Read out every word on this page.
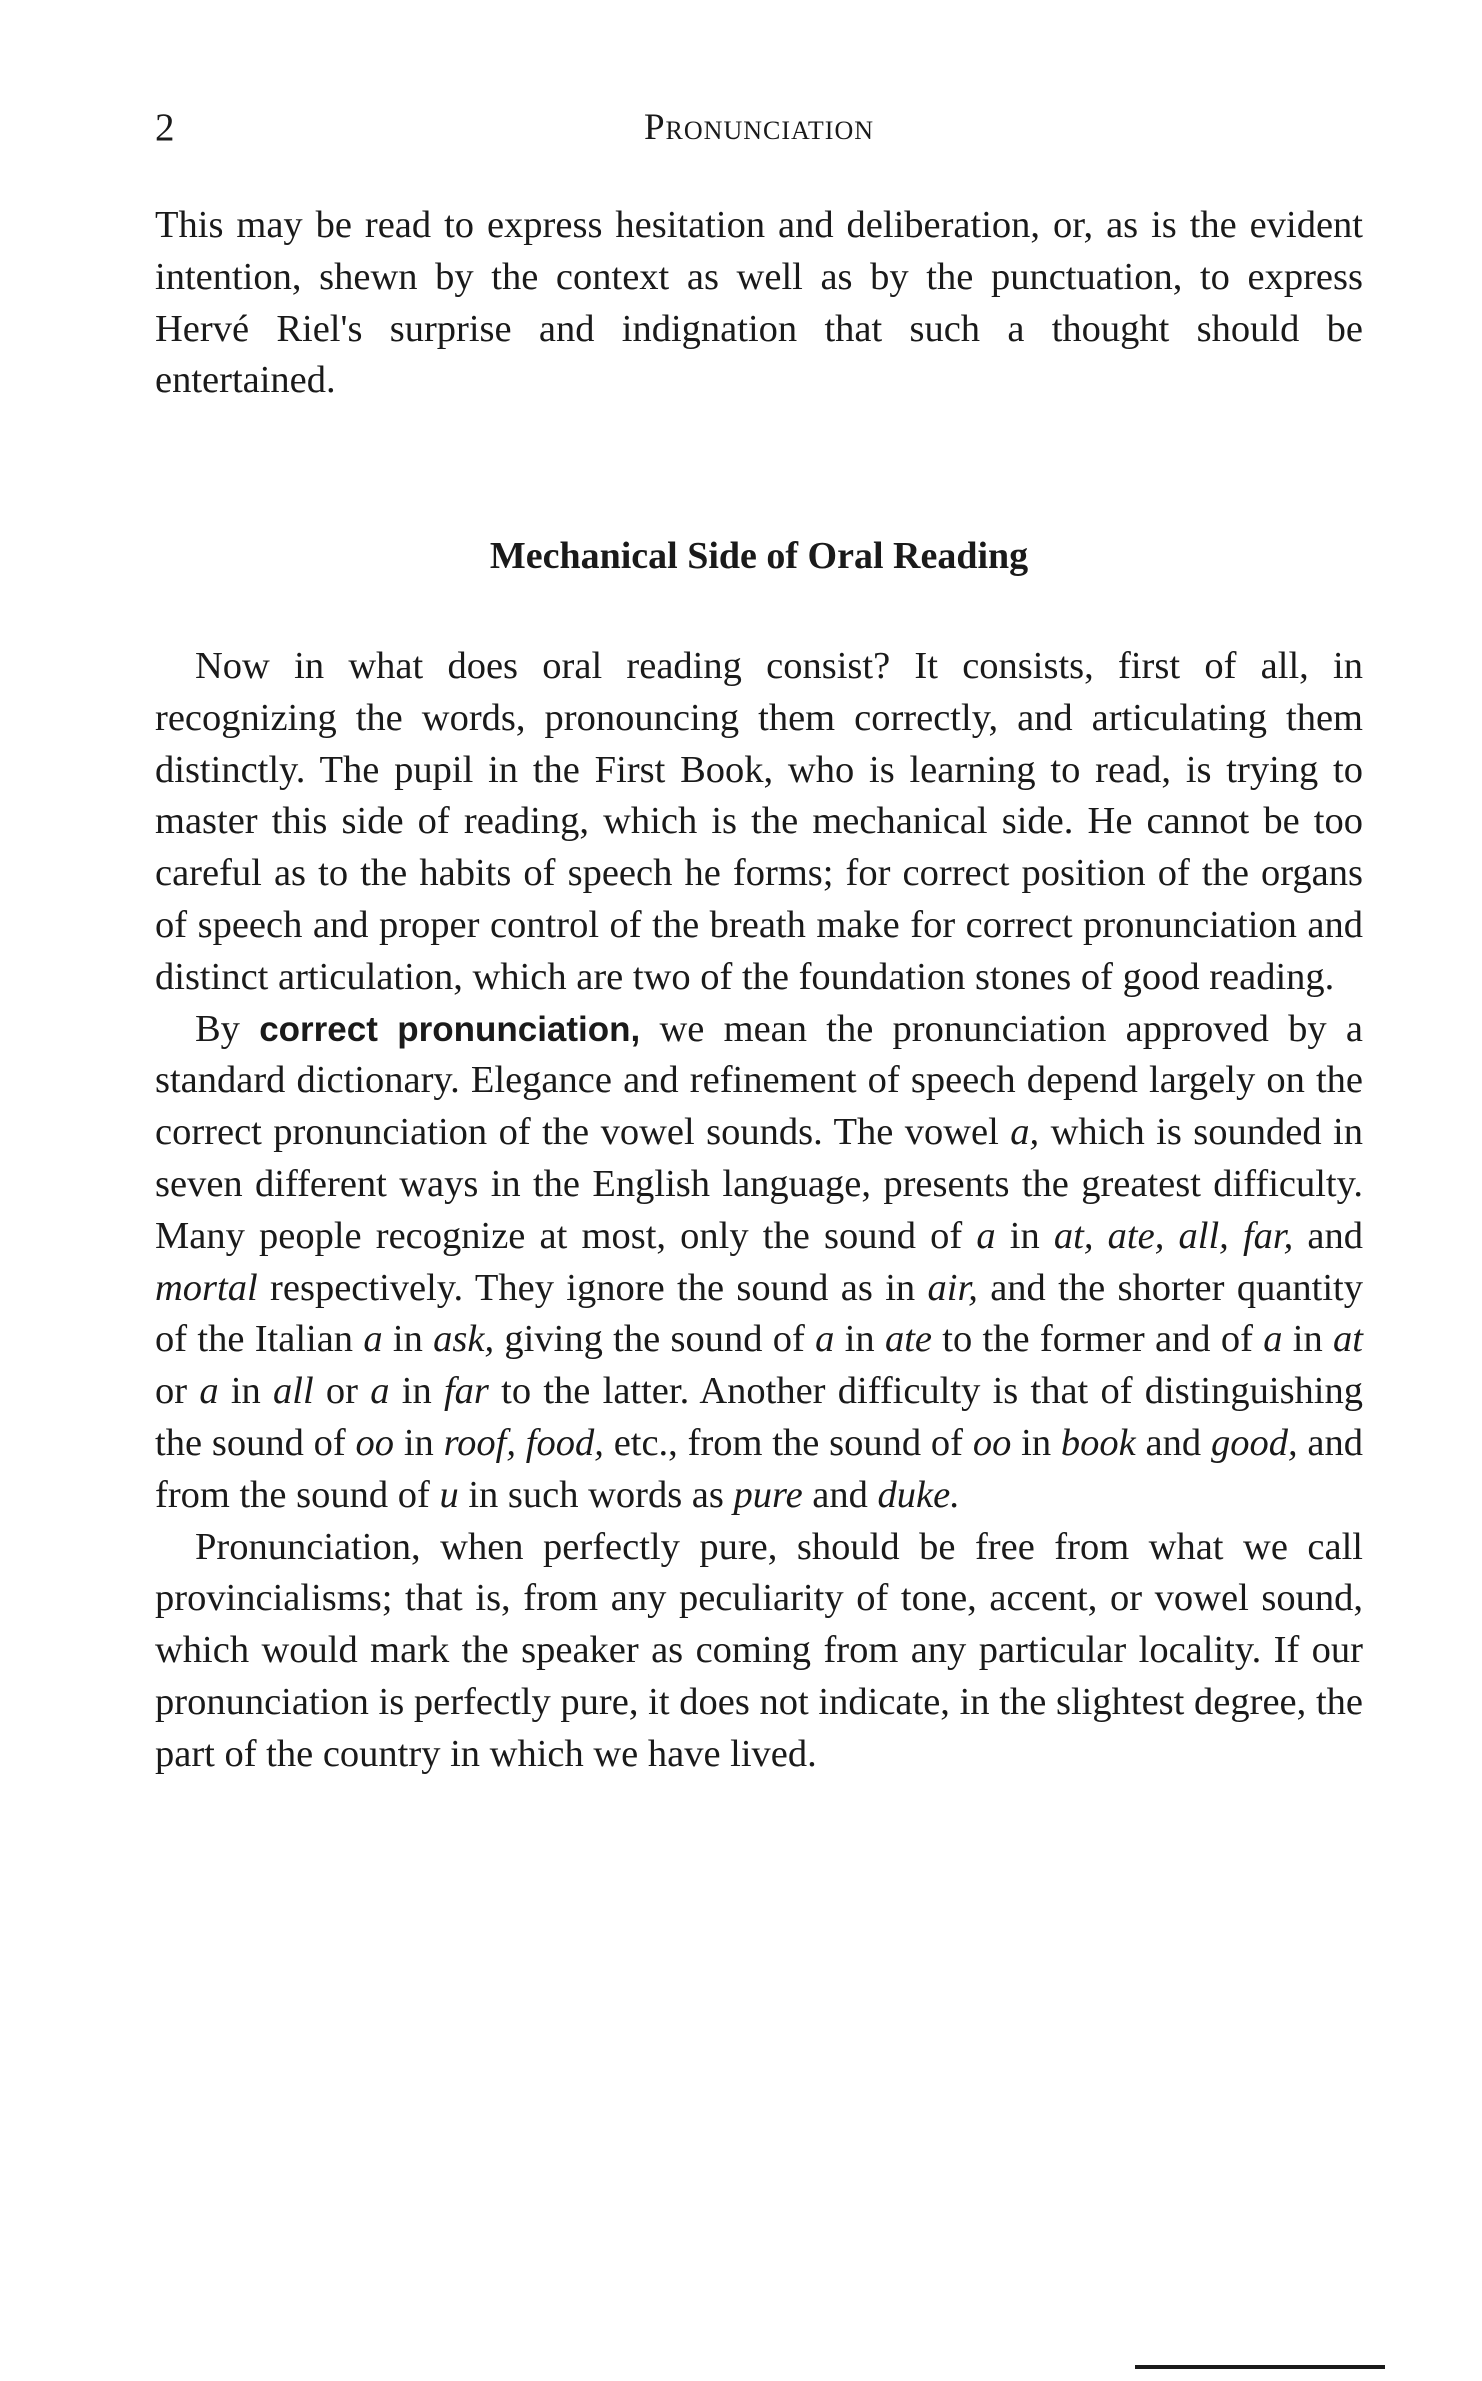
2	Pronunciation

This may be read to express hesitation and deliberation, or, as is the evident intention, shewn by the context as well as by the punctuation, to express Hervé Riel's surprise and indignation that such a thought should be entertained.

Mechanical Side of Oral Reading

Now in what does oral reading consist? It consists, first of all, in recognizing the words, pronouncing them correctly, and articulating them distinctly. The pupil in the First Book, who is learning to read, is trying to master this side of reading, which is the mechanical side. He cannot be too careful as to the habits of speech he forms; for correct position of the organs of speech and proper control of the breath make for correct pronunciation and distinct articulation, which are two of the foundation stones of good reading.

By correct pronunciation, we mean the pronunciation approved by a standard dictionary. Elegance and refinement of speech depend largely on the correct pronunciation of the vowel sounds. The vowel a, which is sounded in seven different ways in the English language, presents the greatest difficulty. Many people recognize at most, only the sound of a in at, ate, all, far, and mortal respectively. They ignore the sound as in air, and the shorter quantity of the Italian a in ask, giving the sound of a in ate to the former and of a in at or a in all or a in far to the latter. Another difficulty is that of distinguishing the sound of oo in roof, food, etc., from the sound of oo in book and good, and from the sound of u in such words as pure and duke.

Pronunciation, when perfectly pure, should be free from what we call provincialisms; that is, from any peculiarity of tone, accent, or vowel sound, which would mark the speaker as coming from any particular locality. If our pronunciation is perfectly pure, it does not indicate, in the slightest degree, the part of the country in which we have lived.
